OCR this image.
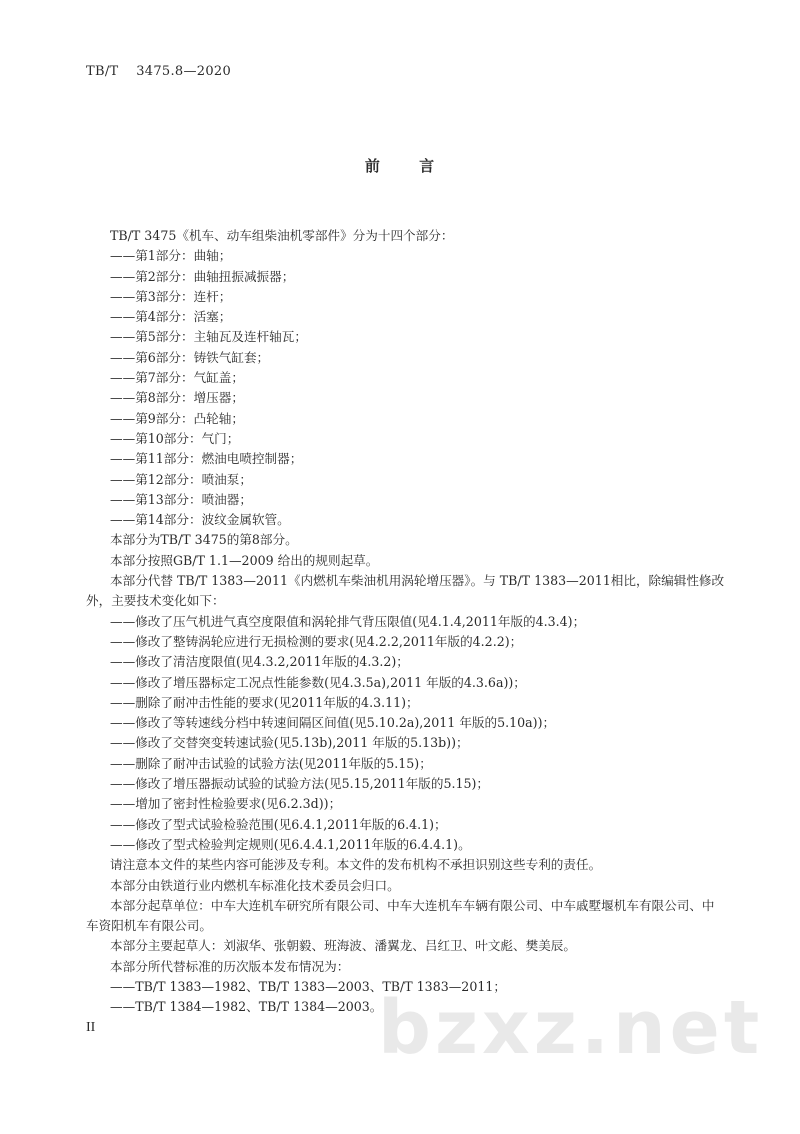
TB/T    3475.8—2020
前 言
TB/T 3475《机车、动车组柴油机零部件》分为十四个部分：
——第1部分：曲轴；
——第2部分：曲轴扭振减振器；
——第3部分：连杆；
——第4部分：活塞；
——第5部分：主轴瓦及连杆轴瓦；
——第6部分：铸铁气缸套；
——第7部分：气缸盖；
——第8部分：增压器；
——第9部分：凸轮轴；
——第10部分：气门；
——第11部分：燃油电喷控制器；
——第12部分：喷油泵；
——第13部分：喷油器；
——第14部分：波纹金属软管。
本部分为TB/T 3475的第8部分。
本部分按照GB/T 1.1—2009 给出的规则起草。
本部分代替 TB/T 1383—2011《内燃机车柴油机用涡轮增压器》。与 TB/T 1383—2011相比，除编辑性修改外，主要技术变化如下：
——修改了压气机进气真空度限值和涡轮排气背压限值(见4.1.4,2011年版的4.3.4)；
——修改了整铸涡轮应进行无损检测的要求(见4.2.2,2011年版的4.2.2)；
——修改了清洁度限值(见4.3.2,2011年版的4.3.2)；
——修改了增压器标定工况点性能参数(见4.3.5a),2011 年版的4.3.6a))；
——删除了耐冲击性能的要求(见2011年版的4.3.11)；
——修改了等转速线分档中转速间隔区间值(见5.10.2a),2011 年版的5.10a))；
——修改了交替突变转速试验(见5.13b),2011 年版的5.13b))；
——删除了耐冲击试验的试验方法(见2011年版的5.15)；
——修改了增压器振动试验的试验方法(见5.15,2011年版的5.15)；
——增加了密封性检验要求(见6.2.3d))；
——修改了型式试验检验范围(见6.4.1,2011年版的6.4.1)；
——修改了型式检验判定规则(见6.4.4.1,2011年版的6.4.4.1)。
请注意本文件的某些内容可能涉及专利。本文件的发布机构不承担识别这些专利的责任。
本部分由铁道行业内燃机车标准化技术委员会归口。
本部分起草单位：中车大连机车研究所有限公司、中车大连机车车辆有限公司、中车戚墅堰机车有限公司、中车资阳机车有限公司。
本部分主要起草人：刘淑华、张朝毅、班海波、潘翼龙、吕红卫、叶文彪、樊美辰。
本部分所代替标准的历次版本发布情况为：
——TB/T 1383—1982、TB/T 1383—2003、TB/T 1383—2011；
——TB/T 1384—1982、TB/T 1384—2003。
II	bzxz.net
